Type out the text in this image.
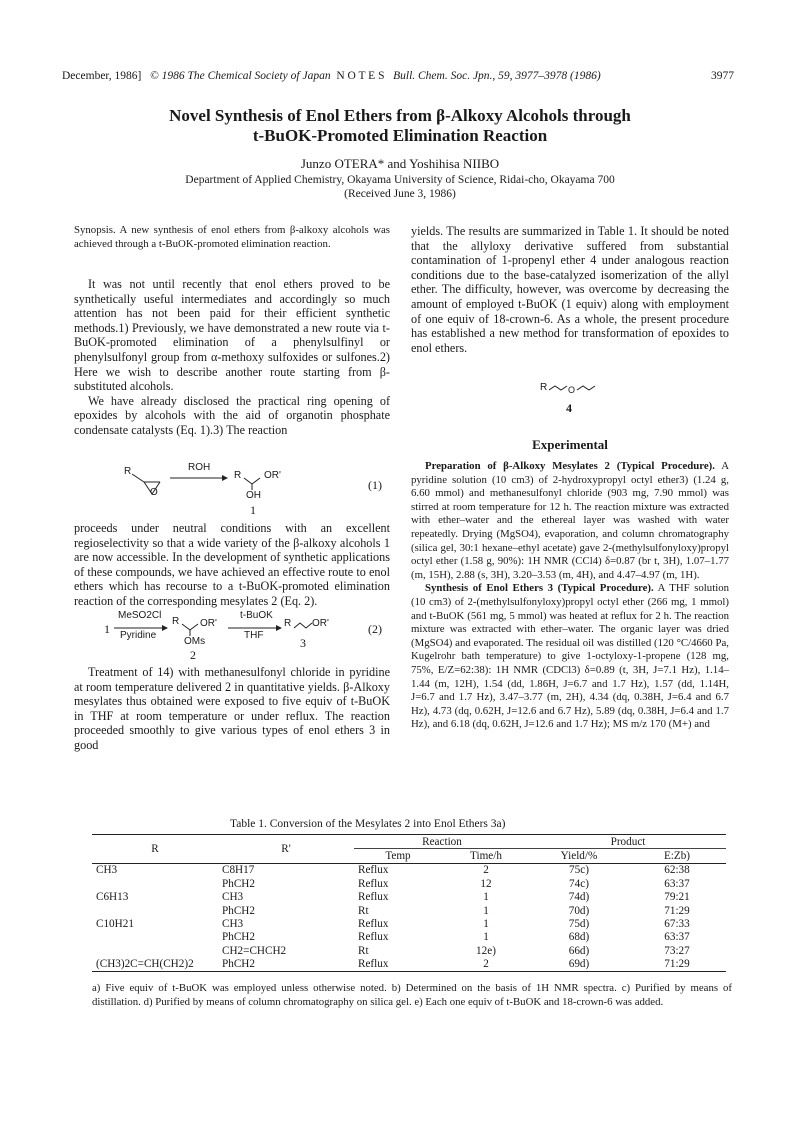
December, 1986] © 1986 The Chemical Society of Japan N O T E S Bull. Chem. Soc. Jpn., 59, 3977–3978 (1986)	3977
Novel Synthesis of Enol Ethers from β-Alkoxy Alcohols through
t-BuOK-Promoted Elimination Reaction
Junzo OTERA* and Yoshihisa NIIBO
Department of Applied Chemistry, Okayama University of Science, Ridai-cho, Okayama 700
(Received June 3, 1986)
Synopsis. A new synthesis of enol ethers from β-alkoxy alcohols was achieved through a t-BuOK-promoted elimination reaction.

It was not until recently that enol ethers proved to be synthetically useful intermediates and accordingly so much attention has not been paid for their efficient synthetic methods.1) Previously, we have demonstrated a new route via t-BuOK-promoted elimination of a phenylsulfinyl or phenylsulfonyl group from α-methoxy sulfoxides or sulfones.2) Here we wish to describe another route starting from β-substituted alcohols.

We have already disclosed the practical ring opening of epoxides by alcohols with the aid of organotin phosphate condensate catalysts (Eq. 1).3) The reaction

R
O
ROH
R OR'
OH
1
(1)
proceeds under neutral conditions with an excellent regioselectivity so that a wide variety of the β-alkoxy alcohols 1 are now accessible. In the development of synthetic applications of these compounds, we have achieved an effective route to enol ethers which has recourse to a t-BuOK-promoted elimination reaction of the corresponding mesylates 2 (Eq. 2).
1
MeSO2Cl
Pyridine
R OR'
OMs
2
t-BuOK
THF
R OR'
3
(2)
Treatment of 14) with methanesulfonyl chloride in pyridine at room temperature delivered 2 in quantitative yields. β-Alkoxy mesylates thus obtained were exposed to five equiv of t-BuOK in THF at room temperature or under reflux. The reaction proceeded smoothly to give various types of enol ethers 3 in good
yields. The results are summarized in Table 1. It should be noted that the allyloxy derivative suffered from substantial contamination of 1-propenyl ether 4 under analogous reaction conditions due to the base-catalyzed isomerization of the allyl ether. The difficulty, however, was overcome by decreasing the amount of employed t-BuOK (1 equiv) along with employment of one equiv of 18-crown-6. As a whole, the present procedure has established a new method for transformation of epoxides to enol ethers.
R O
4
Experimental

Preparation of β-Alkoxy Mesylates 2 (Typical Procedure). A pyridine solution (10 cm3) of 2-hydroxypropyl octyl ether3) (1.24 g, 6.60 mmol) and methanesulfonyl chloride (903 mg, 7.90 mmol) was stirred at room temperature for 12 h. The reaction mixture was extracted with ether–water and the ethereal layer was washed with water repeatedly. Drying (MgSO4), evaporation, and column chromatography (silica gel, 30:1 hexane–ethyl acetate) gave 2-(methylsulfonyloxy)propyl octyl ether (1.58 g, 90%): 1H NMR (CCl4) δ=0.87 (br t, 3H), 1.07–1.77 (m, 15H), 2.88 (s, 3H), 3.20–3.53 (m, 4H), and 4.47–4.97 (m, 1H).

Synthesis of Enol Ethers 3 (Typical Procedure). A THF solution (10 cm3) of 2-(methylsulfonyloxy)propyl octyl ether (266 mg, 1 mmol) and t-BuOK (561 mg, 5 mmol) was heated at reflux for 2 h. The reaction mixture was extracted with ether–water. The organic layer was dried (MgSO4) and evaporated. The residual oil was distilled (120 °C/4660 Pa, Kugelrohr bath temperature) to give 1-octyloxy-1-propene (128 mg, 75%, E/Z=62:38): 1H NMR (CDCl3) δ=0.89 (t, 3H, J=7.1 Hz), 1.14–1.44 (m, 12H), 1.54 (dd, 1.86H, J=6.7 and 1.7 Hz), 1.57 (dd, 1.14H, J=6.7 and 1.7 Hz), 3.47–3.77 (m, 2H), 4.34 (dq, 0.38H, J=6.4 and 6.7 Hz), 4.73 (dq, 0.62H, J=12.6 and 6.7 Hz), 5.89 (dq, 0.38H, J=6.4 and 1.7 Hz), and 6.18 (dq, 0.62H, J=12.6 and 1.7 Hz); MS m/z 170 (M+) and

Table 1. Conversion of the Mesylates 2 into Enol Ethers 3a)
R	R'	Reaction		Product	
		Temp	Time/h	Yield/%	E:Zb)
CH3	C8H17	Reflux	2	75c)	62:38
	PhCH2	Reflux	12	74c)	63:37
C6H13	CH3	Reflux	1	74d)	79:21
	PhCH2	Rt	1	70d)	71:29
C10H21	CH3	Reflux	1	75d)	67:33
	PhCH2	Reflux	1	68d)	63:37
	CH2=CHCH2	Rt	12e)	66d)	73:27
(CH3)2C=CH(CH2)2	PhCH2	Reflux	2	69d)	71:29
a) Five equiv of t-BuOK was employed unless otherwise noted. b) Determined on the basis of 1H NMR spectra. c) Purified by means of distillation. d) Purified by means of column chromatography on silica gel. e) Each one equiv of t-BuOK and 18-crown-6 was added.
